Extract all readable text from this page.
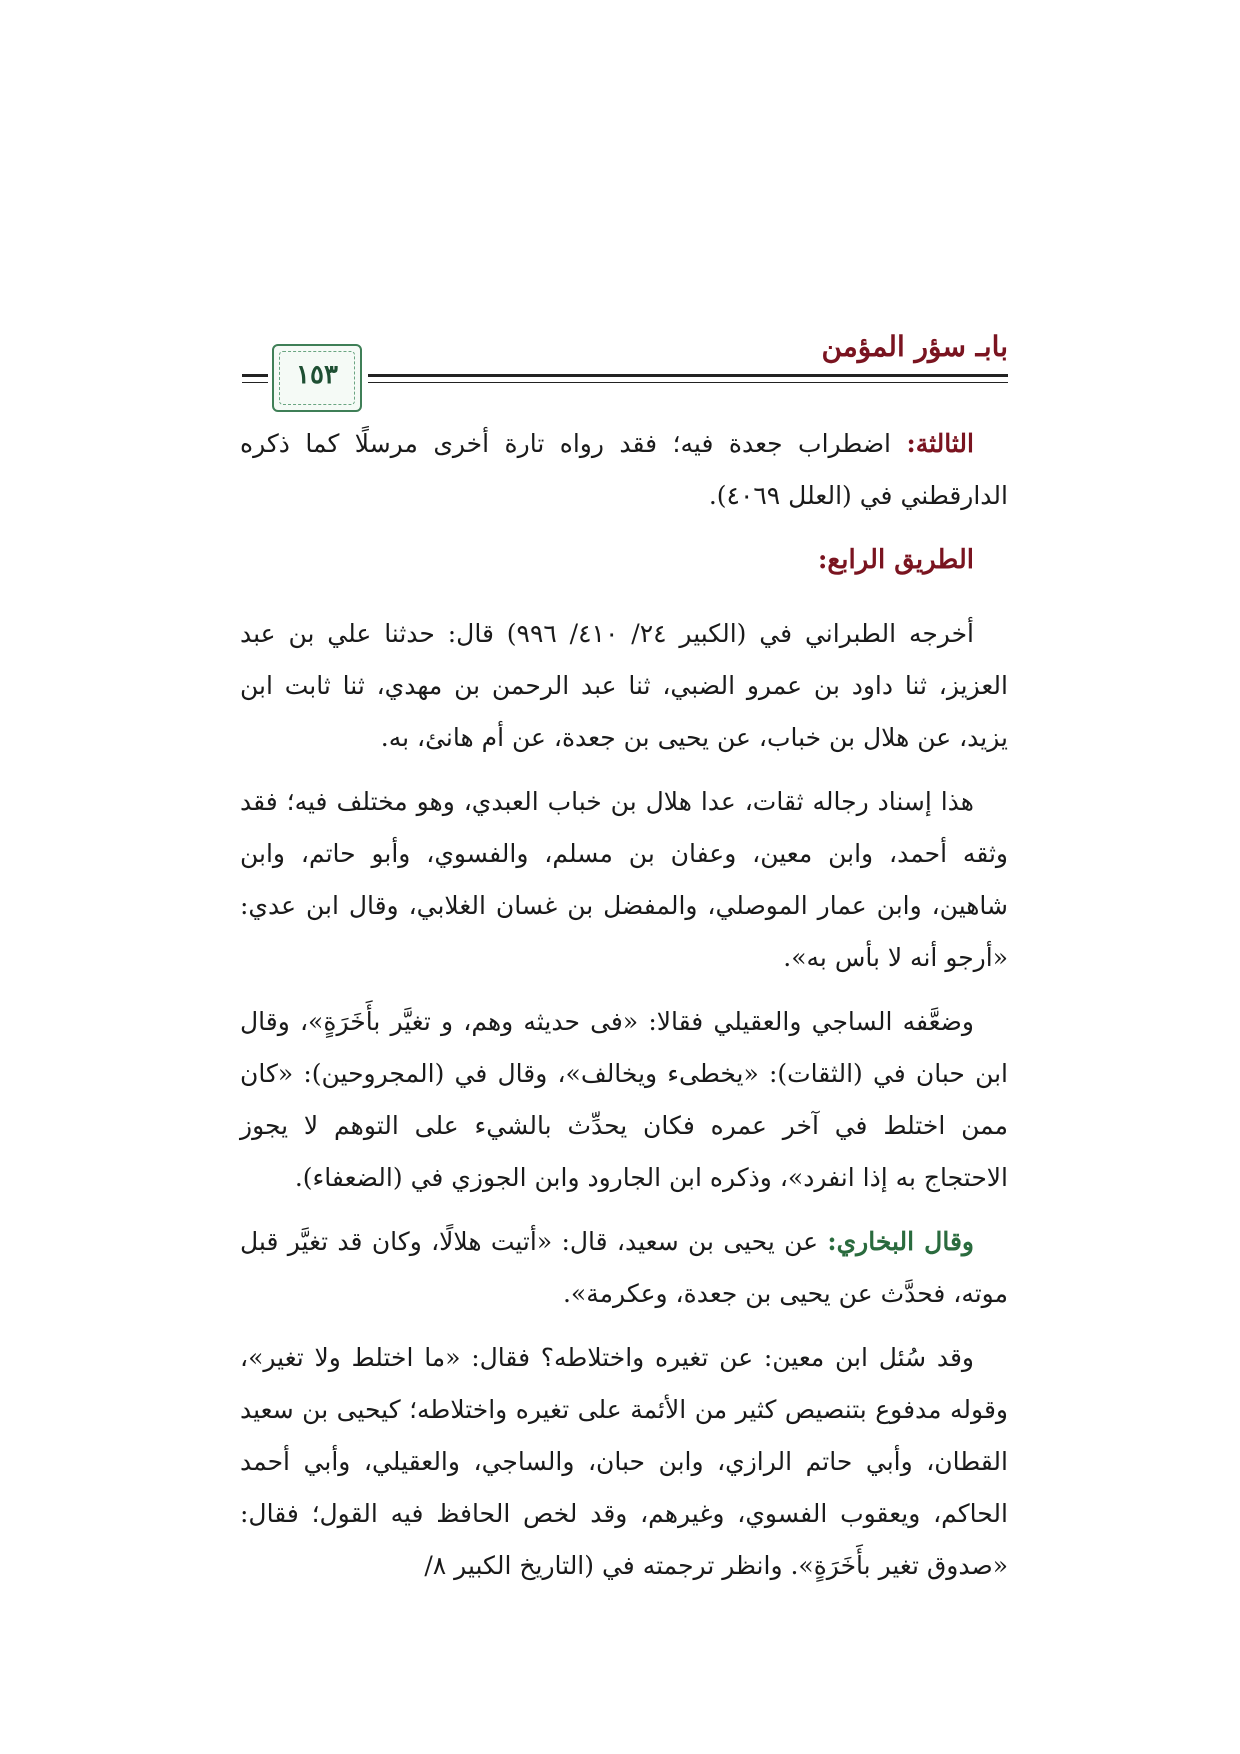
بابـ سؤر المؤمن
١٥٣

الثالثة: اضطراب جعدة فيه؛ فقد رواه تارة أخرى مرسلًا كما ذكره الدارقطني في (العلل ٤٠٦٩).

الطريق الرابع:

أخرجه الطبراني في (الكبير ٢٤/ ٤١٠/ ٩٩٦) قال: حدثنا علي بن عبد العزيز، ثنا داود بن عمرو الضبي، ثنا عبد الرحمن بن مهدي، ثنا ثابت ابن يزيد، عن هلال بن خباب، عن يحيى بن جعدة، عن أم هانئ، به.

هذا إسناد رجاله ثقات، عدا هلال بن خباب العبدي، وهو مختلف فيه؛ فقد وثقه أحمد، وابن معين، وعفان بن مسلم، والفسوي، وأبو حاتم، وابن شاهين، وابن عمار الموصلي، والمفضل بن غسان الغلابي، وقال ابن عدي: «أرجو أنه لا بأس به».

وضعَّفه الساجي والعقيلي فقالا: «فى حديثه وهم، و تغيَّر بأَخَرَةٍ»، وقال ابن حبان في (الثقات): «يخطىء ويخالف»، وقال في (المجروحين): «كان ممن اختلط في آخر عمره فكان يحدِّث بالشيء على التوهم لا يجوز الاحتجاج به إذا انفرد»، وذكره ابن الجارود وابن الجوزي في (الضعفاء).

وقال البخاري: عن يحيى بن سعيد، قال: «أتيت هلالًا، وكان قد تغيَّر قبل موته، فحدَّث عن يحيى بن جعدة، وعكرمة».

وقد سُئل ابن معين: عن تغيره واختلاطه؟ فقال: «ما اختلط ولا تغير»، وقوله مدفوع بتنصيص كثير من الأئمة على تغيره واختلاطه؛ كيحيى بن سعيد القطان، وأبي حاتم الرازي، وابن حبان، والساجي، والعقيلي، وأبي أحمد الحاكم، ويعقوب الفسوي، وغيرهم، وقد لخص الحافظ فيه القول؛ فقال: «صدوق تغير بأَخَرَةٍ». وانظر ترجمته في (التاريخ الكبير ٨/
